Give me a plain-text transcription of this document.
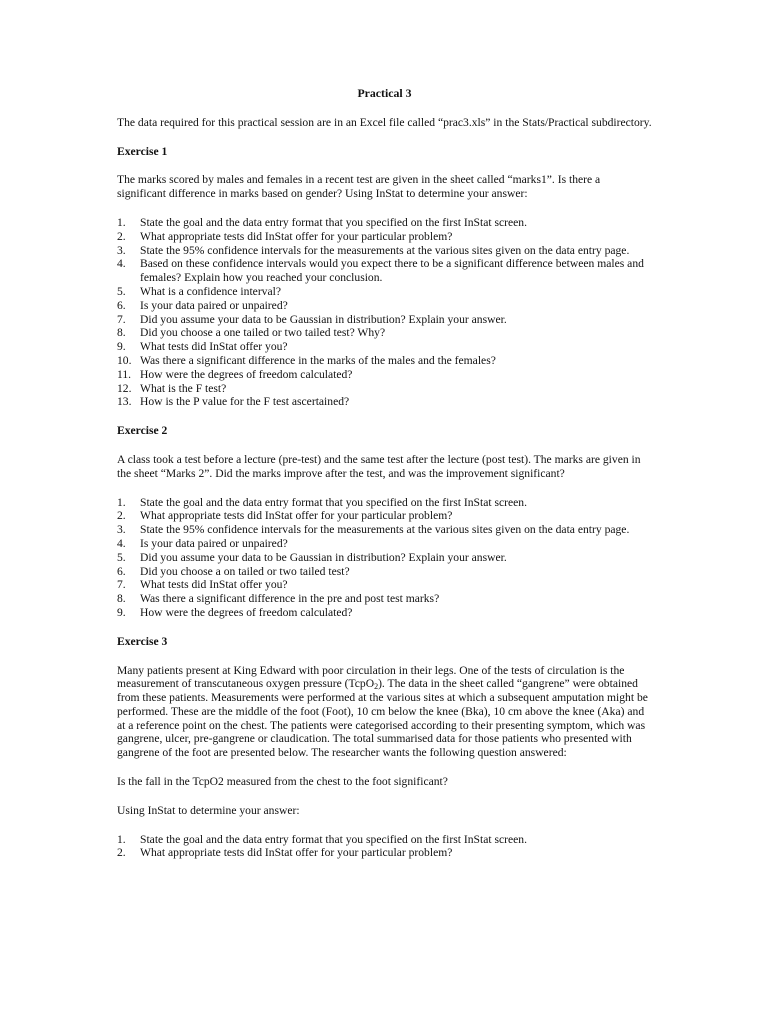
Practical 3

The data required for this practical session are in an Excel file called “prac3.xls” in the Stats/Practical subdirectory.

Exercise 1

The marks scored by males and females in a recent test are given in the sheet called “marks1”. Is there a significant difference in marks based on gender? Using InStat to determine your answer:

1.	State the goal and the data entry format that you specified on the first InStat screen.
2.	What appropriate tests did InStat offer for your particular problem?
3.	State the 95% confidence intervals for the measurements at the various sites given on the data entry page.
4.	Based on these confidence intervals would you expect there to be a significant difference between males and females? Explain how you reached your conclusion.
5.	What is a confidence interval?
6.	Is your data paired or unpaired?
7.	Did you assume your data to be Gaussian in distribution? Explain your answer.
8.	Did you choose a one tailed or two tailed test? Why?
9.	What tests did InStat offer you?
10. Was there a significant difference in the marks of the males and the females?
11. How were the degrees of freedom calculated?
12. What is the F test?
13. How is the P value for the F test ascertained?

Exercise 2

A class took a test before a lecture (pre-test) and the same test after the lecture (post test). The marks are given in the sheet “Marks 2”. Did the marks improve after the test, and was the improvement significant?

1.	State the goal and the data entry format that you specified on the first InStat screen.
2.	What appropriate tests did InStat offer for your particular problem?
3.	State the 95% confidence intervals for the measurements at the various sites given on the data entry page.
4.	Is your data paired or unpaired?
5.	Did you assume your data to be Gaussian in distribution? Explain your answer.
6.	Did you choose a on tailed or two tailed test?
7.	What tests did InStat offer you?
8.	Was there a significant difference in the pre and post test marks?
9.	How were the degrees of freedom calculated?

Exercise 3

Many patients present at King Edward with poor circulation in their legs. One of the tests of circulation is the measurement of transcutaneous oxygen pressure (TcpO$_2$). The data in the sheet called “gangrene” were obtained from these patients. Measurements were performed at the various sites at which a subsequent amputation might be performed. These are the middle of the foot (Foot), 10 cm below the knee (Bka), 10 cm above the knee (Aka) and at a reference point on the chest. The patients were categorised according to their presenting symptom, which was gangrene, ulcer, pre-gangrene or claudication. The total summarised data for those patients who presented with gangrene of the foot are presented below. The researcher wants the following question answered:

Is the fall in the TcpO2 measured from the chest to the foot significant?

Using InStat to determine your answer:

1.	State the goal and the data entry format that you specified on the first InStat screen.
2.	What appropriate tests did InStat offer for your particular problem?
